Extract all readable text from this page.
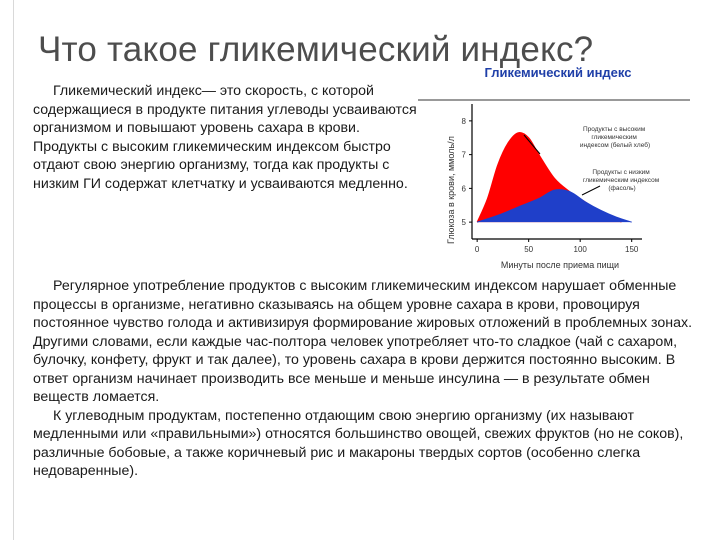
Что такое гликемический индекс?

Гликемический индекс— это скорость, с которой содержащиеся в продукте питания углеводы усваиваются организмом и повышают уровень сахара в крови. Продукты с высоким гликемическим индексом быстро отдают свою энергию организму, тогда как продукты с низким ГИ содержат клетчатку и усваиваются медленно.

Гликемический индекс
Глюкоза в крови, ммоль/л
Минуты после приема пищи
5
6
7
8
0	50	100	150
Продукты с высоким гликемическим индексом (белый хлеб)
Продукты с низким гликемическим индексом (фасоль)

Регулярное употребление продуктов с высоким гликемическим индексом нарушает обменные процессы в организме, негативно сказываясь на общем уровне сахара в крови, провоцируя постоянное чувство голода и активизируя формирование жировых отложений в проблемных зонах. Другими словами, если каждые час-полтора человек употребляет что-то сладкое (чай с сахаром, булочку, конфету, фрукт и так далее), то уровень сахара в крови держится постоянно высоким. В ответ организм начинает производить все меньше и меньше инсулина — в результате обмен веществ ломается.

К углеводным продуктам, постепенно отдающим свою энергию организму (их называют медленными или «правильными») относятся большинство овощей, свежих фруктов (но не соков), различные бобовые, а также коричневый рис и макароны твердых сортов (особенно слегка недоваренные).
